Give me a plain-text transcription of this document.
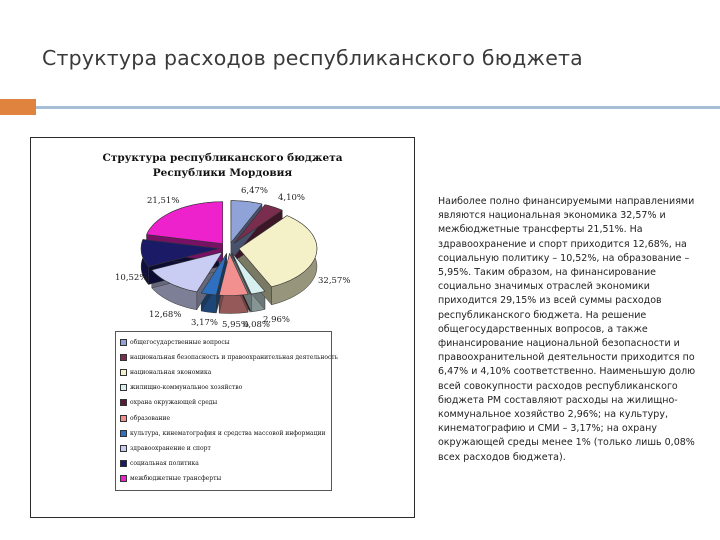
Структура расходов республиканского бюджета
Структура республиканского бюджета
Республики Мордовия
21,51%
6,47%
4,10%
32,57%
2,96%
0,08%
5,95%
3,17%
12,68%
10,52%
общегосударственные вопросы
национальная безопасность и правоохранительная деятельность
национальная экономика
жилищно-коммунальное хозяйство
охрана окружающей среды
образование
культура, кинематография и средства массовой информации
здравоохранение и спорт
социальная политика
межбюджетные трансферты
Наиболее полно финансируемыми направлениями являются национальная экономика 32,57% и межбюджетные трансферты 21,51%. На здравоохранение и спорт приходится 12,68%, на социальную политику – 10,52%, на образование – 5,95%. Таким образом, на финансирование социально значимых отраслей экономики приходится 29,15% из всей суммы расходов республиканского бюджета. На решение общегосударственных вопросов, а также финансирование национальной безопасности и правоохранительной деятельности приходится по 6,47% и 4,10% соответственно. Наименьшую долю всей совокупности расходов республиканского бюджета РМ составляют расходы на жилищно-коммунальное хозяйство 2,96%; на культуру, кинематографию и СМИ – 3,17%; на охрану окружающей среды менее 1% (только лишь 0,08% всех расходов бюджета).
